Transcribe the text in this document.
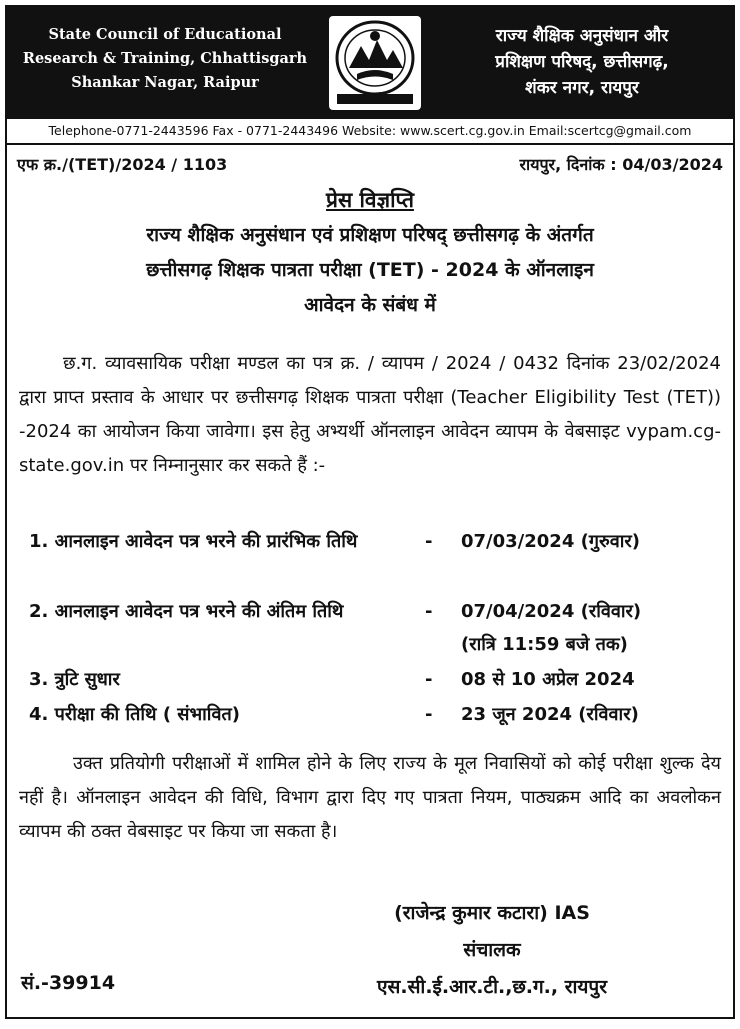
State Council of Educational
Research & Training, Chhattisgarh
Shankar Nagar, Raipur
राज्य शैक्षिक अनुसंधान और
प्रशिक्षण परिषद्, छत्तीसगढ़,
शंकर नगर, रायपुर
Telephone-0771-2443596 Fax - 0771-2443496 Website: www.scert.cg.gov.in Email:scertcg@gmail.com
एफ क्र./(TET)/2024 / 1103	रायपुर, दिनांक : 04/03/2024
प्रेस विज्ञप्ति
राज्य शैक्षिक अनुसंधान एवं प्रशिक्षण परिषद् छत्तीसगढ़ के अंतर्गत
छत्तीसगढ़ शिक्षक पात्रता परीक्षा (TET) - 2024 के ऑनलाइन
आवेदन के संबंध में
छ.ग. व्यावसायिक परीक्षा मण्डल का पत्र क्र. / व्यापम / 2024 / 0432 दिनांक 23/02/2024 द्वारा प्राप्त प्रस्ताव के आधार पर छत्तीसगढ़ शिक्षक पात्रता परीक्षा (Teacher Eligibility Test (TET)) -2024 का आयोजन किया जावेगा। इस हेतु अभ्यर्थी ऑनलाइन आवेदन व्यापम के वेबसाइट vypam.cg-state.gov.in पर निम्नानुसार कर सकते हैं :-
1. आनलाइन आवेदन पत्र भरने की प्रारंभिक तिथि	- 07/03/2024 (गुरुवार)
2. आनलाइन आवेदन पत्र भरने की अंतिम तिथि	- 07/04/2024 (रविवार)
(रात्रि 11:59 बजे तक)
3. त्रुटि सुधार	- 08 से 10 अप्रेल 2024
4. परीक्षा की तिथि ( संभावित)	- 23 जून 2024 (रविवार)
उक्त प्रतियोगी परीक्षाओं में शामिल होने के लिए राज्य के मूल निवासियों को कोई परीक्षा शुल्क देय नहीं है। ऑनलाइन आवेदन की विधि, विभाग द्वारा दिए गए पात्रता नियम, पाठ्यक्रम आदि का अवलोकन व्यापम की ठक्त वेबसाइट पर किया जा सकता है।
(राजेन्द्र कुमार कटारा) IAS
संचालक
एस.सी.ई.आर.टी.,छ.ग., रायपुर
सं.-39914
